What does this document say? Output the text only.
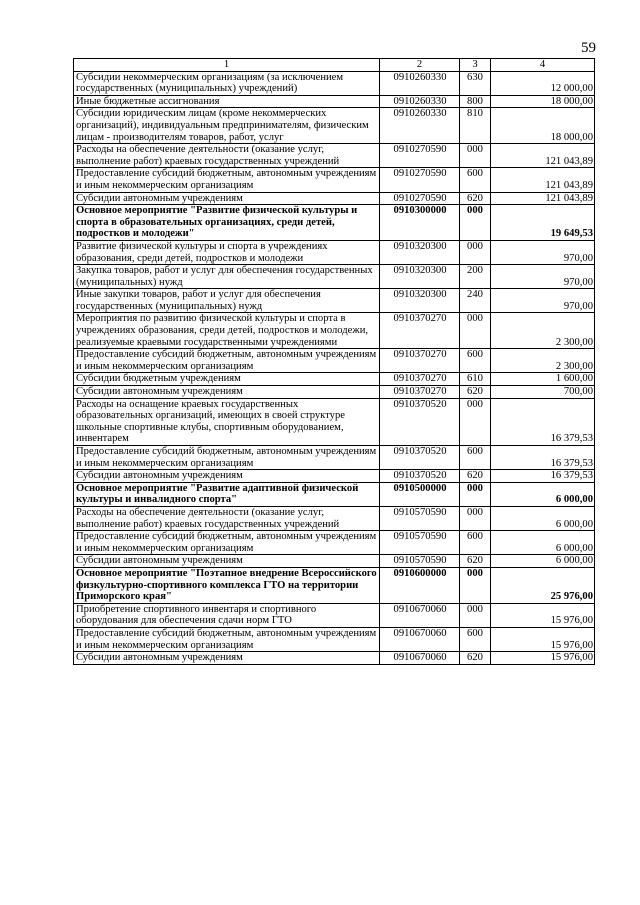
59
1	2	3	4
Субсидии некоммерческим организациям (за исключением государственных (муниципальных) учреждений)	0910260330	630	12 000,00
Иные бюджетные ассигнования	0910260330	800	18 000,00
Субсидии юридическим лицам (кроме некоммерческих организаций), индивидуальным предпринимателям, физическим лицам - производителям товаров, работ, услуг	0910260330	810	18 000,00
Расходы на обеспечение деятельности (оказание услуг, выполнение работ) краевых государственных учреждений	0910270590	000	121 043,89
Предоставление субсидий бюджетным, автономным учреждениям и иным некоммерческим организациям	0910270590	600	121 043,89
Субсидии автономным учреждениям	0910270590	620	121 043,89
Основное мероприятие "Развитие физической культуры и спорта в образовательных организациях, среди детей, подростков и молодежи"	0910300000	000	19 649,53
Развитие физической культуры и спорта в учреждениях образования, среди детей, подростков и молодежи	0910320300	000	970,00
Закупка товаров, работ и услуг для обеспечения государственных (муниципальных) нужд	0910320300	200	970,00
Иные закупки товаров, работ и услуг для обеспечения государственных (муниципальных) нужд	0910320300	240	970,00
Мероприятия по развитию физической культуры и спорта в учреждениях образования, среди детей, подростков и молодежи, реализуемые краевыми государственными учреждениями	0910370270	000	2 300,00
Предоставление субсидий бюджетным, автономным учреждениям и иным некоммерческим организациям	0910370270	600	2 300,00
Субсидии бюджетным учреждениям	0910370270	610	1 600,00
Субсидии автономным учреждениям	0910370270	620	700,00
Расходы на оснащение краевых государственных образовательных организаций, имеющих в своей структуре школьные спортивные клубы, спортивным оборудованием, инвентарем	0910370520	000	16 379,53
Предоставление субсидий бюджетным, автономным учреждениям и иным некоммерческим организациям	0910370520	600	16 379,53
Субсидии автономным учреждениям	0910370520	620	16 379,53
Основное мероприятие "Развитие адаптивной физической культуры и инвалидного спорта"	0910500000	000	6 000,00
Расходы на обеспечение деятельности (оказание услуг, выполнение работ) краевых государственных учреждений	0910570590	000	6 000,00
Предоставление субсидий бюджетным, автономным учреждениям и иным некоммерческим организациям	0910570590	600	6 000,00
Субсидии автономным учреждениям	0910570590	620	6 000,00
Основное мероприятие "Поэтапное внедрение Всероссийского физкультурно-спортивного комплекса ГТО на территории Приморского края"	0910600000	000	25 976,00
Приобретение спортивного инвентаря и спортивного оборудования для обеспечения сдачи норм ГТО	0910670060	000	15 976,00
Предоставление субсидий бюджетным, автономным учреждениям и иным некоммерческим организациям	0910670060	600	15 976,00
Субсидии автономным учреждениям	0910670060	620	15 976,00
